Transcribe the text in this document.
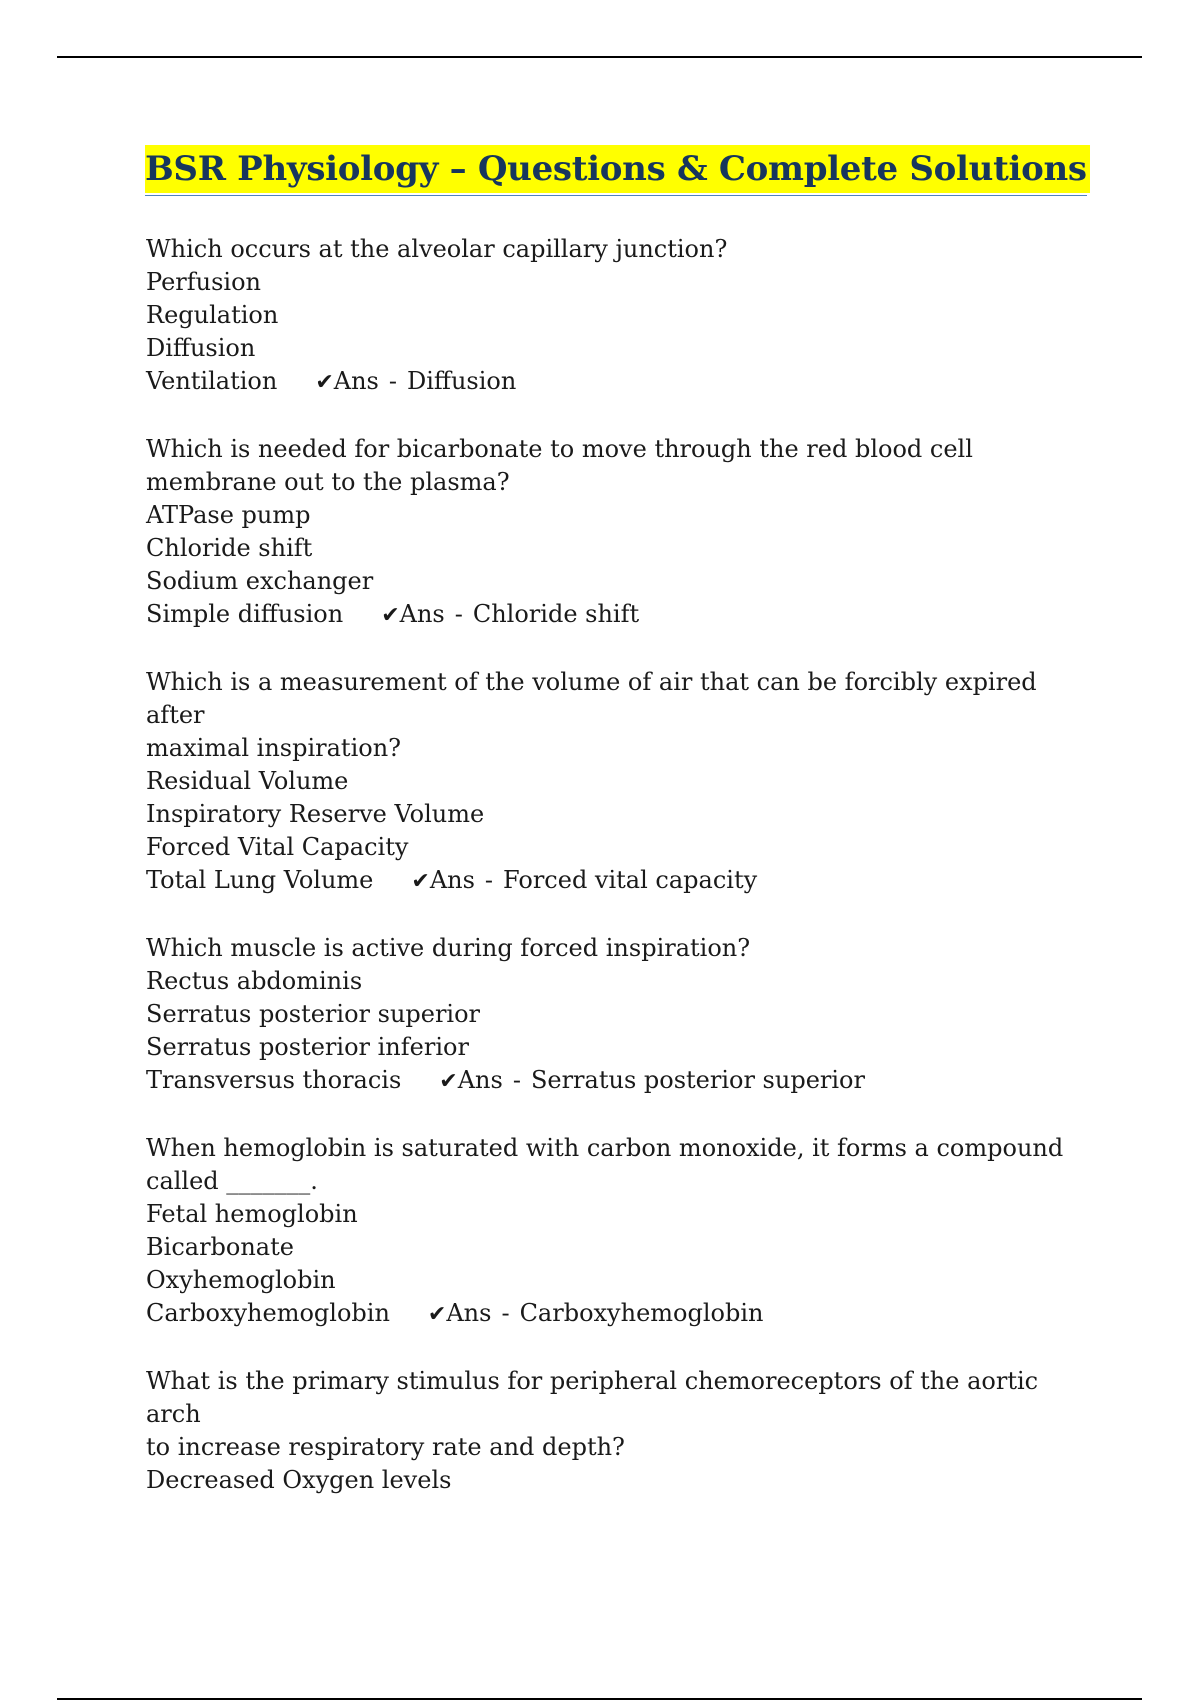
BSR Physiology – Questions & Complete Solutions
Which occurs at the alveolar capillary junction?
Perfusion
Regulation
Diffusion
Ventilation ✔Ans - Diffusion
Which is needed for bicarbonate to move through the red blood cell
membrane out to the plasma?
ATPase pump
Chloride shift
Sodium exchanger
Simple diffusion ✔Ans - Chloride shift
Which is a measurement of the volume of air that can be forcibly expired after
maximal inspiration?
Residual Volume
Inspiratory Reserve Volume
Forced Vital Capacity
Total Lung Volume ✔Ans - Forced vital capacity
Which muscle is active during forced inspiration?
Rectus abdominis
Serratus posterior superior
Serratus posterior inferior
Transversus thoracis ✔Ans - Serratus posterior superior
When hemoglobin is saturated with carbon monoxide, it forms a compound
called _______.
Fetal hemoglobin
Bicarbonate
Oxyhemoglobin
Carboxyhemoglobin ✔Ans - Carboxyhemoglobin
What is the primary stimulus for peripheral chemoreceptors of the aortic arch
to increase respiratory rate and depth?
Decreased Oxygen levels
